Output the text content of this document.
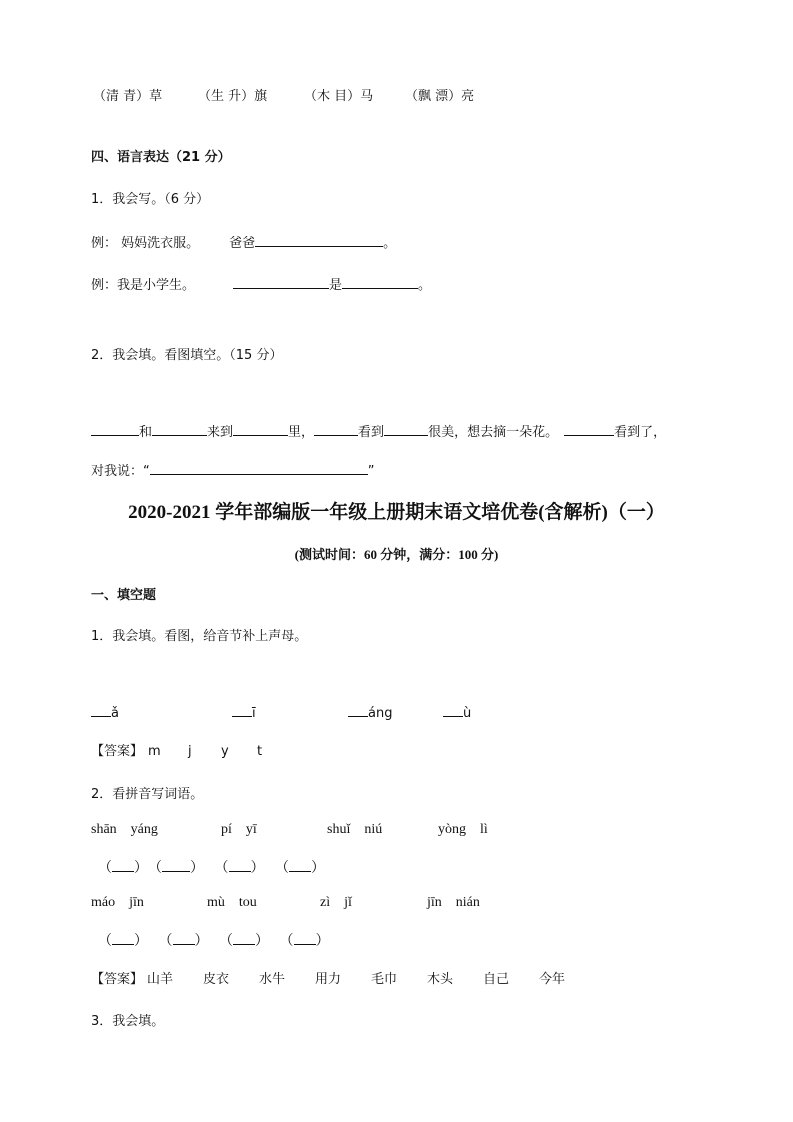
（清 青）草	（生 升）旗	（木 目）马 （飘 漂）亮
四、语言表达（21 分）
1．我会写。（6 分）
例： 妈妈洗衣服。 爸爸	。
例：我是小学生。	是	。
2．我会填。看图填空。（15 分）
和	来到	里，	看到	很美，想去摘一朵花。	看到了，
对我说：“	”
2020-2021 学年部编版一年级上册期末语文培优卷(含解析)（一）
(测试时间：60 分钟，满分：100 分)
一、填空题
1．我会填。看图，给音节补上声母。
ǎ	ī	áng	ù
【答案】 m j y t
2．看拼音写词语。
shān　yáng	pí　yī	shuǐ　niú	yòng　lì
（ ）　（ ）　 （ ）　 （ ）
máo　jīn	mù　tou	zì　jǐ	jīn　nián
（ ）　 （ ）　 （ ）　 （ ）
【答案】 山羊 皮衣 水牛 用力 毛巾 木头 自己 今年
3．我会填。
